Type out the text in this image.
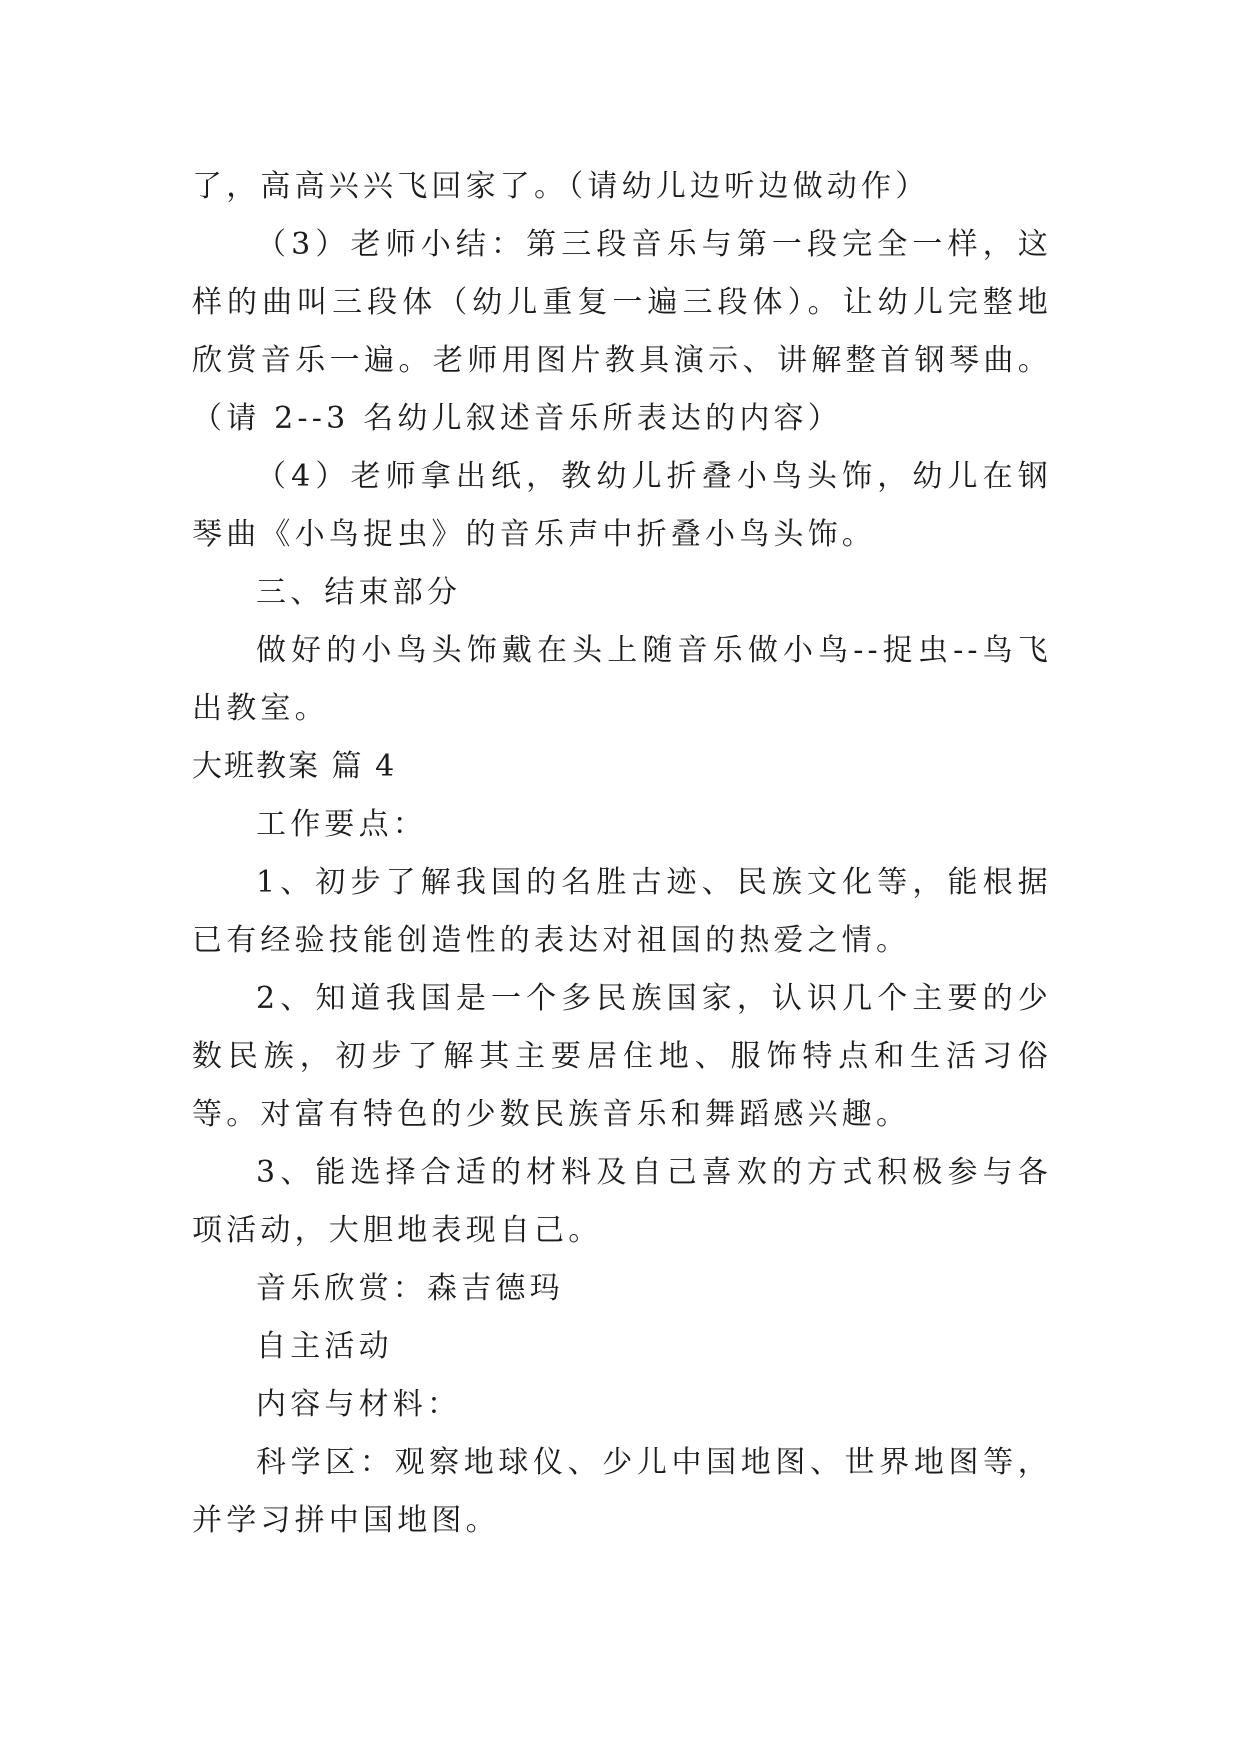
了，高高兴兴飞回家了。（请幼儿边听边做动作）

（3）老师小结：第三段音乐与第一段完全一样，这样的曲叫三段体（幼儿重复一遍三段体）。让幼儿完整地欣赏音乐一遍。老师用图片教具演示、讲解整首钢琴曲。（请 2--3 名幼儿叙述音乐所表达的内容）

（4）老师拿出纸，教幼儿折叠小鸟头饰，幼儿在钢琴曲《小鸟捉虫》的音乐声中折叠小鸟头饰。

三、结束部分

做好的小鸟头饰戴在头上随音乐做小鸟--捉虫--鸟飞出教室。

大班教案 篇 4

工作要点：

1、初步了解我国的名胜古迹、民族文化等，能根据已有经验技能创造性的表达对祖国的热爱之情。

2、知道我国是一个多民族国家，认识几个主要的少数民族，初步了解其主要居住地、服饰特点和生活习俗等。对富有特色的少数民族音乐和舞蹈感兴趣。

3、能选择合适的材料及自己喜欢的方式积极参与各项活动，大胆地表现自己。

音乐欣赏：森吉德玛

自主活动

内容与材料：

科学区：观察地球仪、少儿中国地图、世界地图等，并学习拼中国地图。
